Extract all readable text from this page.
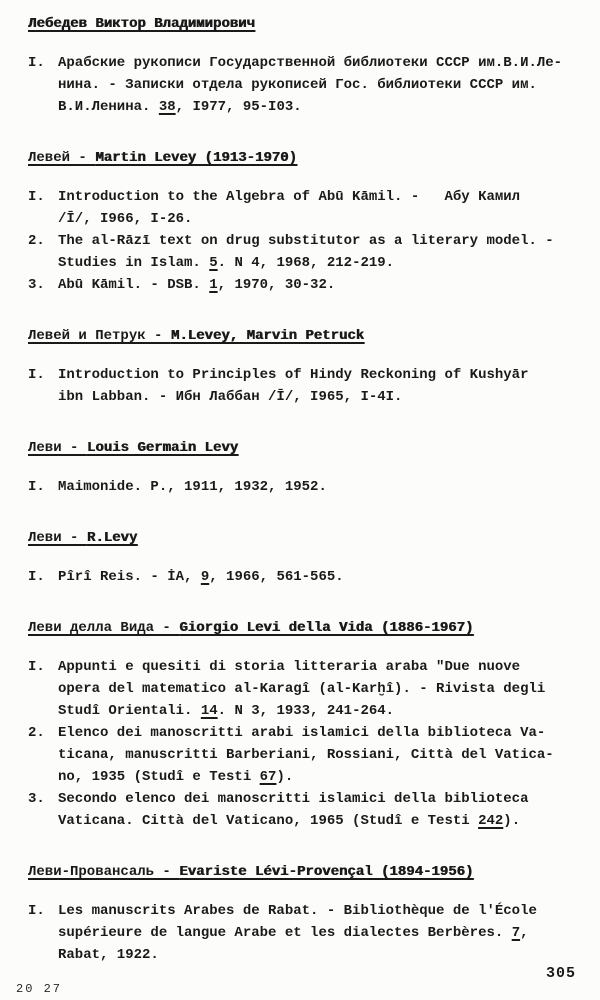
Лебедев Виктор Владимирович
I. Арабские рукописи Государственной библиотеки СССР им.В.И.Ле-
нина. - Записки отдела рукописей Гос. библиотеки СССР им.
В.И.Ленина. 38, I977, 95-I03.
Левей - Martin Levey (1913-1970)
I. Introduction to the Algebra of Abū Kāmil. -   Абу Камил
/Ī/, I966, I-26.
2. The al-Rāzī text on drug substitutor as a literary model. -
Studies in Islam. 5. N 4, 1968, 212-219.
3. Abū Kāmil. - DSB. 1, 1970, 30-32.
Левей и Петрук - M.Levey, Marvin Petruck
I. Introduction to Principles of Hindy Reckoning of Kushyār
ibn Labban. - Ибн Лаббан /Ī/, I965, I-4I.
Леви - Louis Germain Levy
I. Maimonide. P., 1911, 1932, 1952.
Леви - R.Levy
I. Pîrî Reis. - İA, 9, 1966, 561-565.
Леви делла Вида - Giorgio Levi della Vida (1886-1967)
I. Appunti e quesiti di storia litteraria araba "Due nuove
opera del matematico al-Karagî (al-Karḫî). - Rivista degli
Studî Orientali. 14. N 3, 1933, 241-264.
2. Elenco dei manoscritti arabi islamici della biblioteca Va-
ticana, manuscritti Barberiani, Rossiani, Città del Vatica-
no, 1935 (Studî e Testi 67).
3. Secondo elenco dei manoscritti islamici della biblioteca
Vaticana. Città del Vaticano, 1965 (Studî e Testi 242).
Леви-Провансаль - Evariste Lévi-Provençal (1894-1956)
I. Les manuscrits Arabes de Rabat. - Bibliothèque de l'École
supérieure de langue Arabe et les dialectes Berbères. 7,
Rabat, 1922.
305
20 27
